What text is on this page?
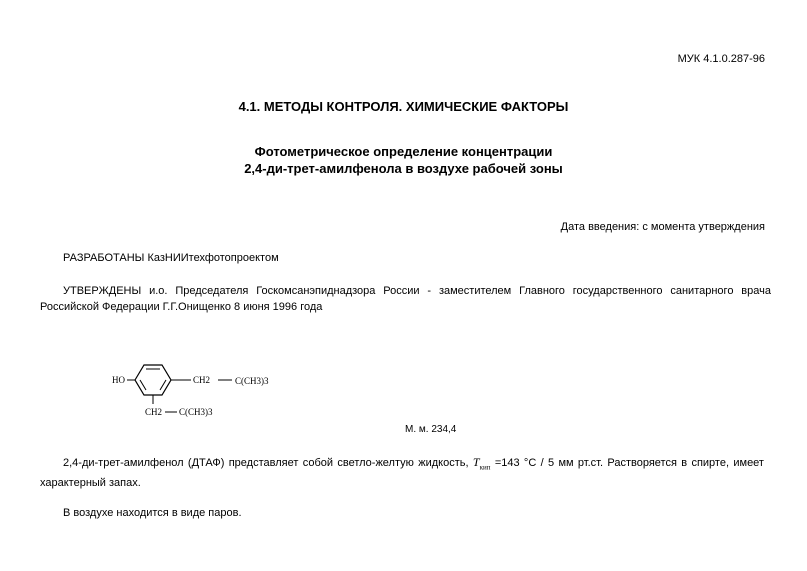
МУК 4.1.0.287-96
4.1. МЕТОДЫ КОНТРОЛЯ. ХИМИЧЕСКИЕ ФАКТОРЫ
Фотометрическое определение концентрации
2,4-ди-трет-амилфенола в воздухе рабочей зоны
Дата введения: с момента утверждения
РАЗРАБОТАНЫ КазНИИтехфотопроектом
УТВЕРЖДЕНЫ и.о. Председателя Госкомсанэпиднадзора России - заместителем Главного государственного санитарного врача Российской Федерации Г.Г.Онищенко 8 июня 1996 года
HO	CH2	C(CH3)3
CH2 C(CH3)3
М. м. 234,4
2,4-ди-трет-амилфенол (ДТАФ) представляет собой светло-желтую жидкость, $T_{кип} =143$ °С / 5 мм рт.ст. Растворяется в спирте, имеет характерный запах.
В воздухе находится в виде паров.
